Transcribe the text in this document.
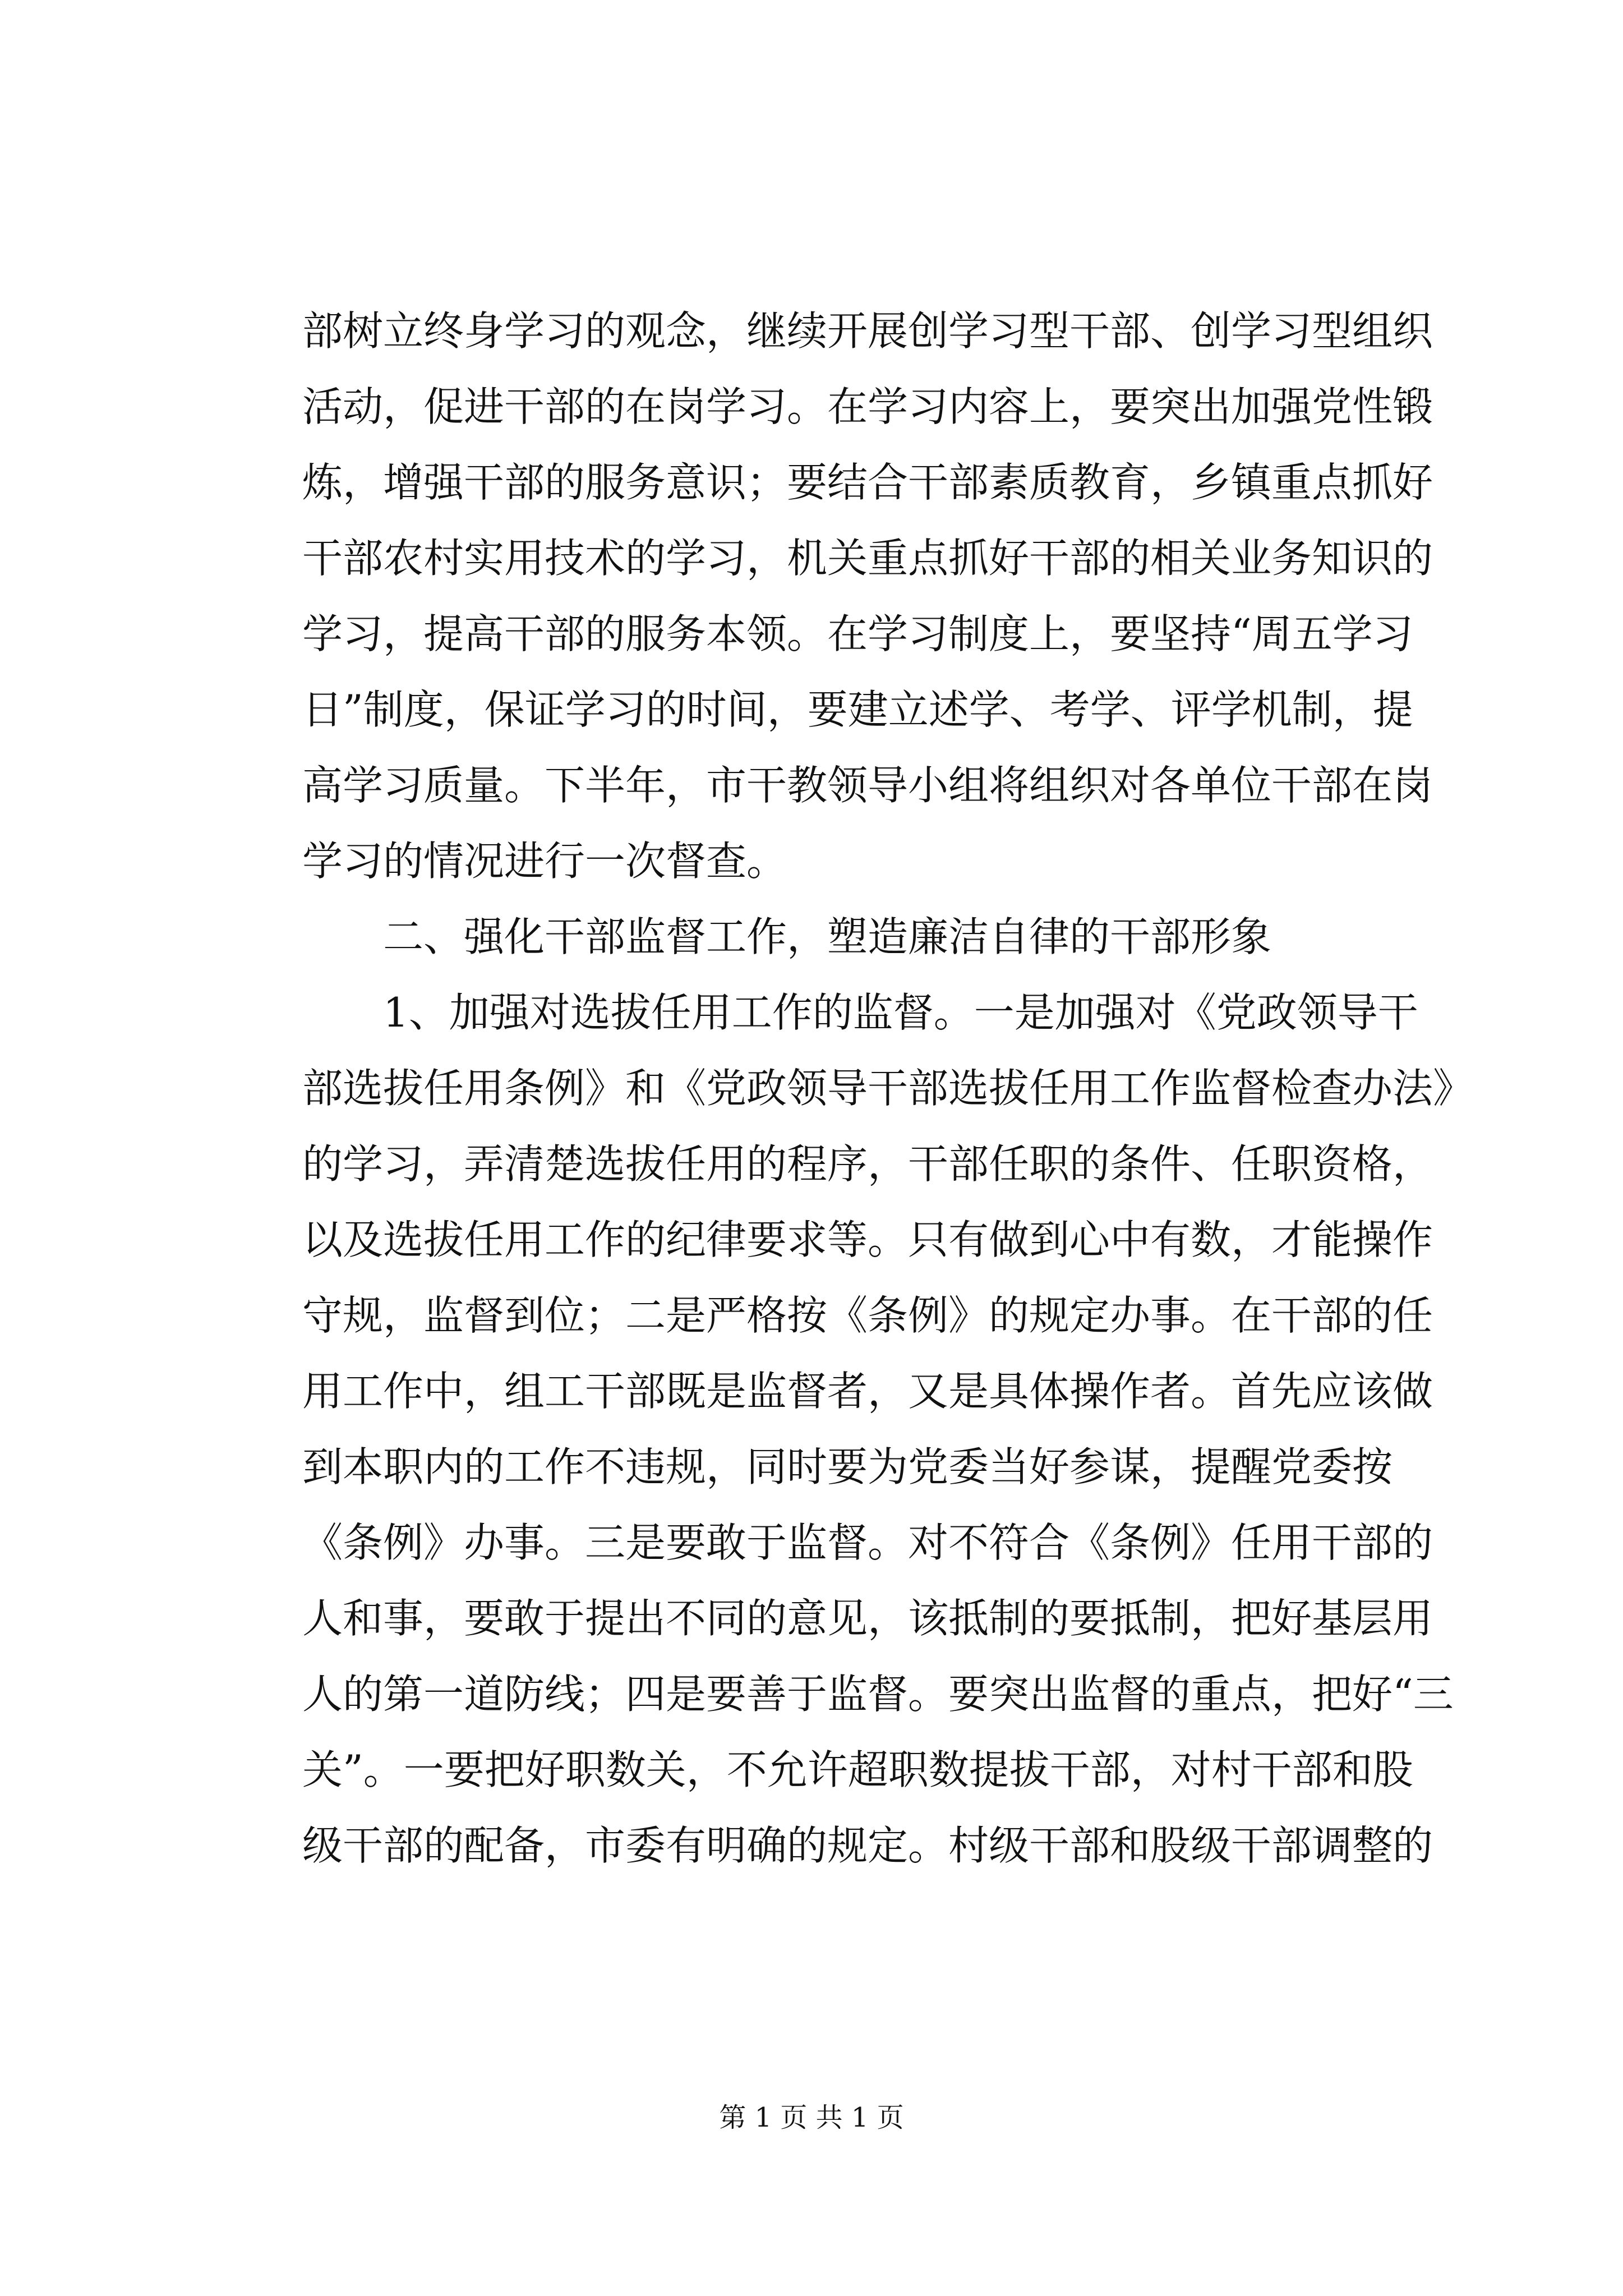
部树立终身学习的观念，继续开展创学习型干部、创学习型组织
活动，促进干部的在岗学习。在学习内容上，要突出加强党性锻
炼，增强干部的服务意识；要结合干部素质教育，乡镇重点抓好
干部农村实用技术的学习，机关重点抓好干部的相关业务知识的
学习，提高干部的服务本领。在学习制度上，要坚持“周五学习
日”制度，保证学习的时间，要建立述学、考学、评学机制，提
高学习质量。下半年，市干教领导小组将组织对各单位干部在岗
学习的情况进行一次督查。
二、强化干部监督工作，塑造廉洁自律的干部形象
1、加强对选拔任用工作的监督。一是加强对《党政领导干
部选拔任用条例》和《党政领导干部选拔任用工作监督检查办法》
的学习，弄清楚选拔任用的程序，干部任职的条件、任职资格，
以及选拔任用工作的纪律要求等。只有做到心中有数，才能操作
守规，监督到位；二是严格按《条例》的规定办事。在干部的任
用工作中，组工干部既是监督者，又是具体操作者。首先应该做
到本职内的工作不违规，同时要为党委当好参谋，提醒党委按
《条例》办事。三是要敢于监督。对不符合《条例》任用干部的
人和事，要敢于提出不同的意见，该抵制的要抵制，把好基层用
人的第一道防线；四是要善于监督。要突出监督的重点，把好“三
关”。一要把好职数关，不允许超职数提拔干部，对村干部和股
级干部的配备，市委有明确的规定。村级干部和股级干部调整的
第 1 页 共 1 页
